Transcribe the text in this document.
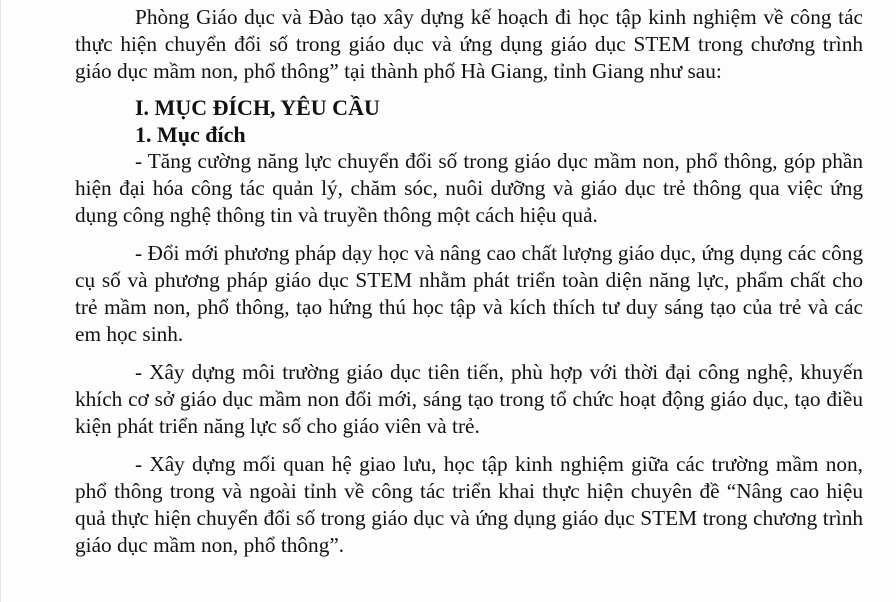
Phòng Giáo dục và Đào tạo xây dựng kế hoạch đi học tập kinh nghiệm về công tác thực hiện chuyển đổi số trong giáo dục và ứng dụng giáo dục STEM trong chương trình giáo dục mầm non, phổ thông” tại thành phố Hà Giang, tỉnh Giang như sau:

I. MỤC ĐÍCH, YÊU CẦU

1. Mục đích

- Tăng cường năng lực chuyển đổi số trong giáo dục mầm non, phổ thông, góp phần hiện đại hóa công tác quản lý, chăm sóc, nuôi dưỡng và giáo dục trẻ thông qua việc ứng dụng công nghệ thông tin và truyền thông một cách hiệu quả.

- Đổi mới phương pháp dạy học và nâng cao chất lượng giáo dục, ứng dụng các công cụ số và phương pháp giáo dục STEM nhằm phát triển toàn diện năng lực, phẩm chất cho trẻ mầm non, phổ thông, tạo hứng thú học tập và kích thích tư duy sáng tạo của trẻ và các em học sinh.

- Xây dựng môi trường giáo dục tiên tiến, phù hợp với thời đại công nghệ, khuyến khích cơ sở giáo dục mầm non đổi mới, sáng tạo trong tổ chức hoạt động giáo dục, tạo điều kiện phát triển năng lực số cho giáo viên và trẻ.

- Xây dựng mối quan hệ giao lưu, học tập kinh nghiệm giữa các trường mầm non, phổ thông trong và ngoài tỉnh về công tác triển khai thực hiện chuyên đề “Nâng cao hiệu quả thực hiện chuyển đổi số trong giáo dục và ứng dụng giáo dục STEM trong chương trình giáo dục mầm non, phổ thông”.
